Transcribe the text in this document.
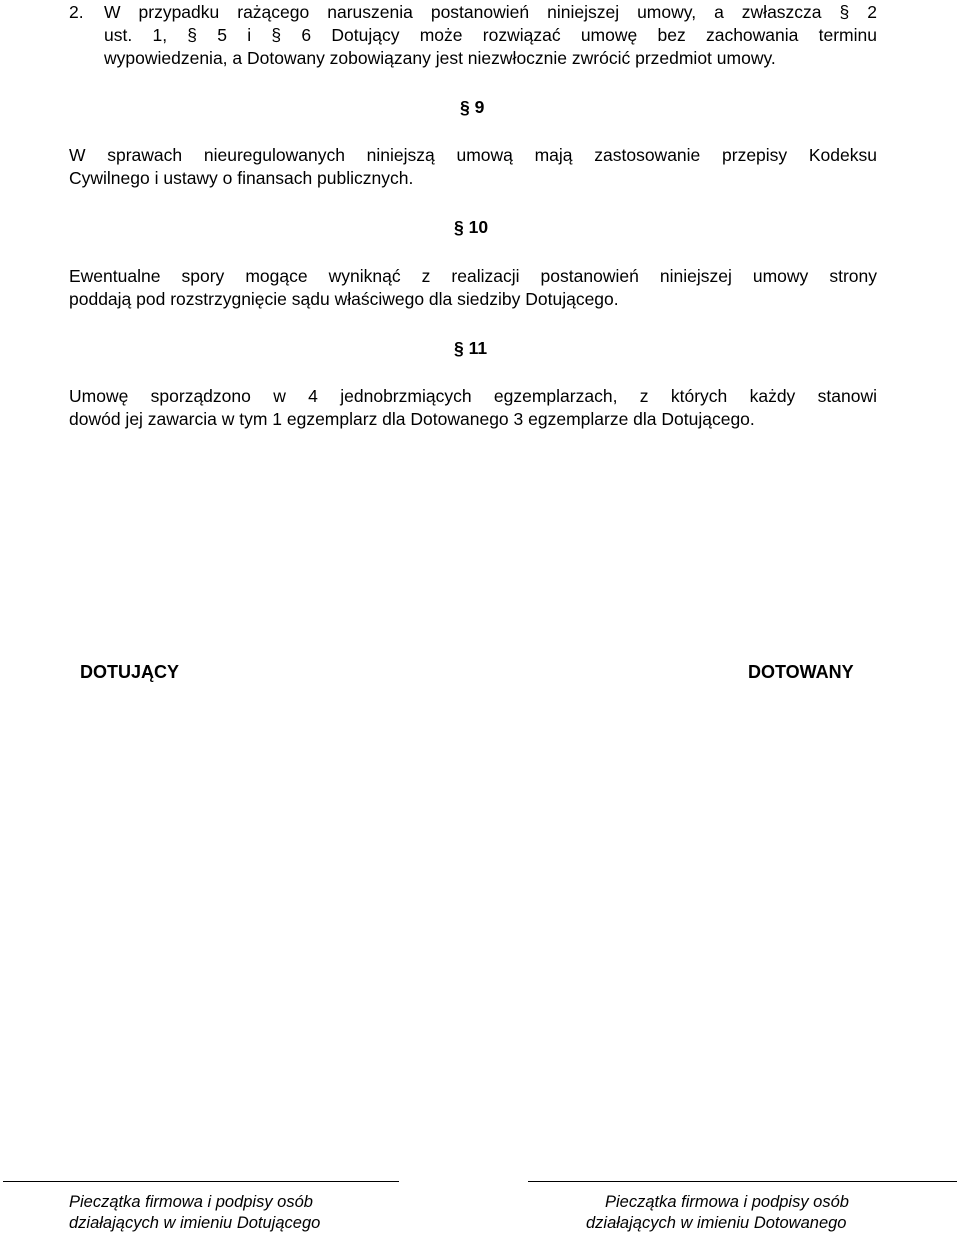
2. W przypadku rażącego naruszenia postanowień niniejszej umowy, a zwłaszcza § 2
ust. 1, § 5 i § 6 Dotujący może rozwiązać umowę bez zachowania terminu
wypowiedzenia, a Dotowany zobowiązany jest niezwłocznie zwrócić przedmiot umowy.
§ 9
W sprawach nieuregulowanych niniejszą umową mają zastosowanie przepisy Kodeksu
Cywilnego i ustawy o finansach publicznych.
§ 10
Ewentualne spory mogące wyniknąć z realizacji postanowień niniejszej umowy strony
poddają pod rozstrzygnięcie sądu właściwego dla siedziby Dotującego.
§ 11
Umowę sporządzono w 4 jednobrzmiących egzemplarzach, z których każdy stanowi
dowód jej zawarcia w tym 1 egzemplarz dla Dotowanego 3 egzemplarze dla Dotującego.
DOTUJĄCY	DOTOWANY
Pieczątka firmowa i podpisy osób
działających w imieniu Dotującego
Pieczątka firmowa i podpisy osób
działających w imieniu Dotowanego
